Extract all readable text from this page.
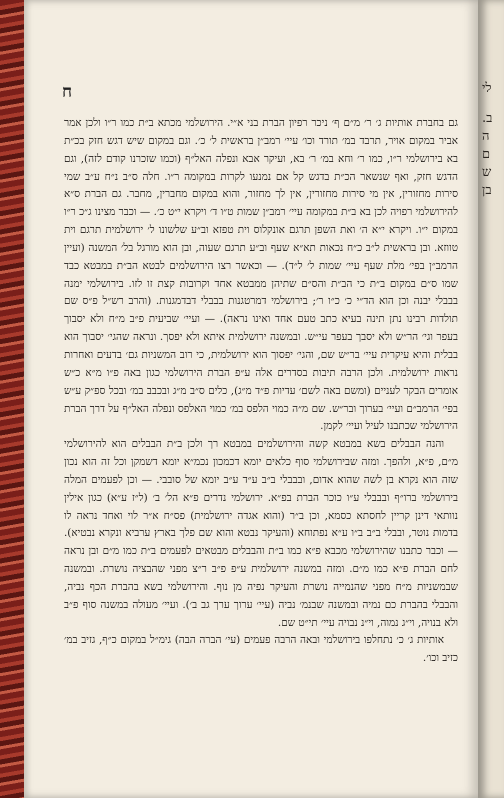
ח

גם בחברת אותיות ג׳ ר׳ מ״ם ף׳ ניכר רפיון הברת בני א״י. הירושלמי מכתא ב״ת כמו ר״ו ולכן אמר אביר במקום אויר, תרבד במ׳ תורד וכו׳ עיי׳ רמב״ן בראשית ל׳ כ׳. וגם במקום שיש דגש חזק בכ״ת בא בירושלמי ר״ו, כמו ר׳ וחא במ׳ ר׳ בא, ועיקר אבא ונפלה האל״ף (וכמו שזכרנו קודם לזה), וגם הדגש חזק, ואף שנשאר הכ״ת בדגש קל אם נמנעו לקרות במקומה ר״ו. חלה ס״ב נ״ח ע״ב שמי סירות מחזורין, אין מי סירות מחזורין, אין לך מחזור, והוא במקום מחברין, מחבר. גם הברת ס״א להירושלמי רפויה לכן בא ב״ת במקומה עיי׳ רמב״ן שמות ט״ו ד׳ ויקרא י״ט כ׳. — וכבר מצינו ג״כ ר״ו במקום י״ו. ויקרא י״א ה׳ ואת השפן תרגם אונקלוס וית טפזא וב״ע שלשונו ל׳ ירושלמית תרגם וית טווזא. ובן בראשית ל״ב כ״ח נכאות תא״א שעף וב״ע תרגם שעוה, ובן הוא מורגל בל׳ המשנה (ועיין הרמב״ן בפי׳ מלת שעף עיי׳ שמות ל׳ ל״ד). — וכאשר רצו הירושלמים לבטא הב״ת במבטא כבד שמו ס״ם במקום ב״ת כי הב״ת והס״ם שתיהן ממבטא אחד וקרובות קצת זו לזו. בירושלמי ימנה בבבלי יבנה וכן הוא הד״י כ׳ כ״ו ר׳; בירושלמי דמרטגנות בבבלי דבדמגנות. (והרב רש״ל פ״ס שם תולדות רבינו נתן תינה בעיא כתב טעם אחד ואינו נראה). — ועיי׳ שביעית פ״ב מ״ח ולא יסבוך בעפר וגי׳ הר״ש ולא יסבך בעפר עי״ש. ובמשנה ירושלמית איתא ולא יפסך. ונראה שהגי׳ יסבוך הוא בבלית והיא עיקרית עיי׳ בר״ש שם, והגי׳ יפסוך הוא ירושלמית, כי רוב המשניות גם׳ בדעים ואחרות נראות ירושלמית. ולכן הרבה תיבות בסדרים אלה ע״פ הברת הירושלמי כגון באה פ״ו מ״א כ״ש אומרים הבקר לעניים (ומשם באה לשם׳ עדיות פ״ד מ״ג), כלים ס״ב מ״ג ובכבב במ׳ ובכל ספ״ק ע״ש בפי׳ הרמב״ם ועיי׳ בערוך ובר״ש. שם מ״ה כמוי הלפס במ׳ כמוי האלפס ונפלה האל״ף על דרך הברת הירושלמי שכתבנו לעיל ועיי׳ לקמן.

והנה הבבלים בשא במבטא קשה והירושלמים במבטא רך ולכן ב״ת הבבלים הוא להירושלמי מ״ם, פ״א, ולהפך. ומזה שבירושלמי סוף כלאים יומא דכמכון נכמ״א יומא דשמקן וכל זה הוא נכון שזה הוא נקרא בן לשה שהוא אדום, ובבבלי ב״ב ע״ד ע״ב יומא של סובבי. — וכן לפעמים המלה בירושלמי ברו״ף ובבבלי ע״ו כוכר הברת בפ״א. ירושלמי נדרים פ״א הל׳ ב׳ (ל״ז ע״א) כגון אילין נוותאי דינן קריין לחסתא כסמא, וכן ב״ר (והוא אגדה ירושלמית) פס״ח א״ר לוי ואחד נראה לו בדמות נוטר, ובבלי ב״ב ב״ו ע״א נפתוחא (והעיקר נבטא והוא שם פלך בארץ ערביא ונקרא נבטיא). — וכבר כתבנו שהירושלמי מכבא פ״א כמו ב״ת והבבלים מבטאים לפעמים ב״ת כמו מ״ם ובן נראה לחם הברת פ״א כמו מ״ם. ומזה במשנה ירושלמית ע״פ פ״ב ר״צ מפני שהבציה נושרת. ובמשנה שבמשניות מ״ח מפני שהנמייה נושרת והעיקר נפיה מן נוף. והירושלמי בשא בהברת הכף נביה, והבבלי בהברת כם נמיה ובמשנה שבנמ׳ נביה (עיי׳ ערוך ערך גב ב׳). ועיי׳ מעולה במשנה סוף פ״ב ולא בנויה, וי״ג נמוה, וי״נ נבויה עיי׳ תי״ט שם.

אותיות ג׳ כ׳ נתחלפו בירושלמי ובאה הרבה פעמים (עי׳ הברה הבה) גימ״ל במקום כ״ף, גזיב במ׳ כזיב וכו׳.

לי
ב.
ה
ם
ש
בן
